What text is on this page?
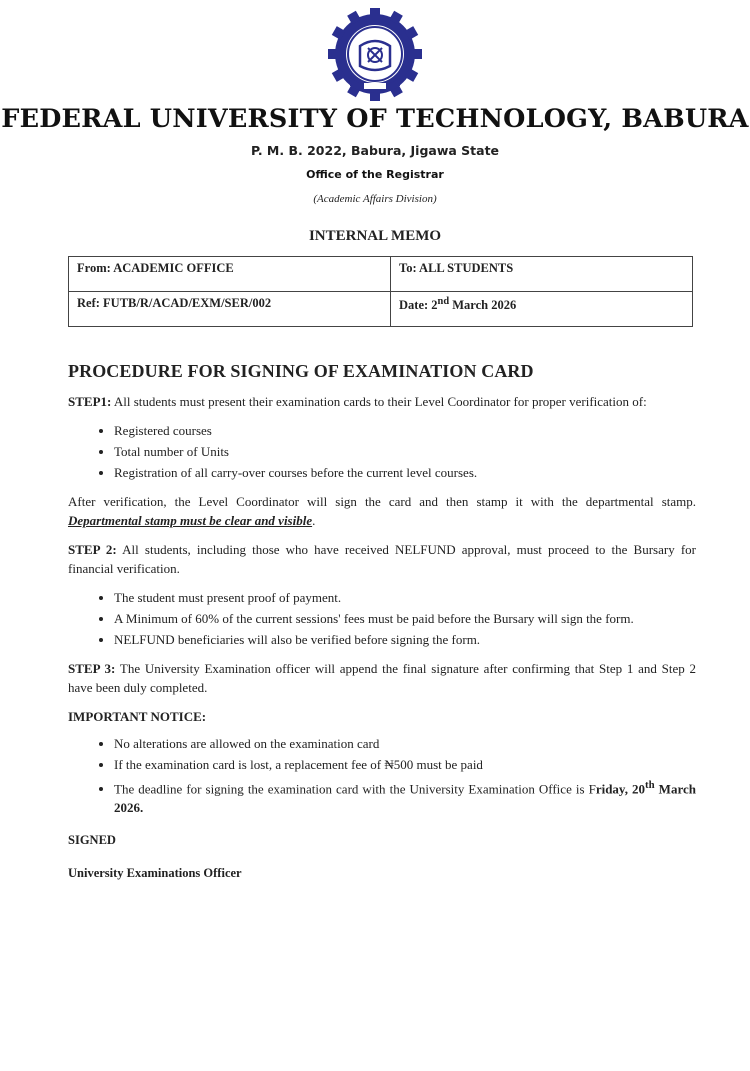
FEDERAL UNIVERSITY OF TECHNOLOGY, BABURA
P. M. B. 2022, Babura, Jigawa State
Office of the Registrar
(Academic Affairs Division)
INTERNAL MEMO
From: ACADEMIC OFFICE	To: ALL STUDENTS
Ref: FUTB/R/ACAD/EXM/SER/002	Date: 2nd March 2026
PROCEDURE FOR SIGNING OF EXAMINATION CARD

STEP1: All students must present their examination cards to their Level Coordinator for proper verification of:

• Registered courses
• Total number of Units
• Registration of all carry-over courses before the current level courses.

After verification, the Level Coordinator will sign the card and then stamp it with the departmental stamp. Departmental stamp must be clear and visible.

STEP 2: All students, including those who have received NELFUND approval, must proceed to the Bursary for financial verification.

• The student must present proof of payment.
• A Minimum of 60% of the current sessions' fees must be paid before the Bursary will sign the form.
• NELFUND beneficiaries will also be verified before signing the form.

STEP 3: The University Examination officer will append the final signature after confirming that Step 1 and Step 2 have been duly completed.

IMPORTANT NOTICE:
• No alterations are allowed on the examination card
• If the examination card is lost, a replacement fee of ₦500 must be paid
• The deadline for signing the examination card with the University Examination Office is Friday, 20th March 2026.
SIGNED
University Examinations Officer
